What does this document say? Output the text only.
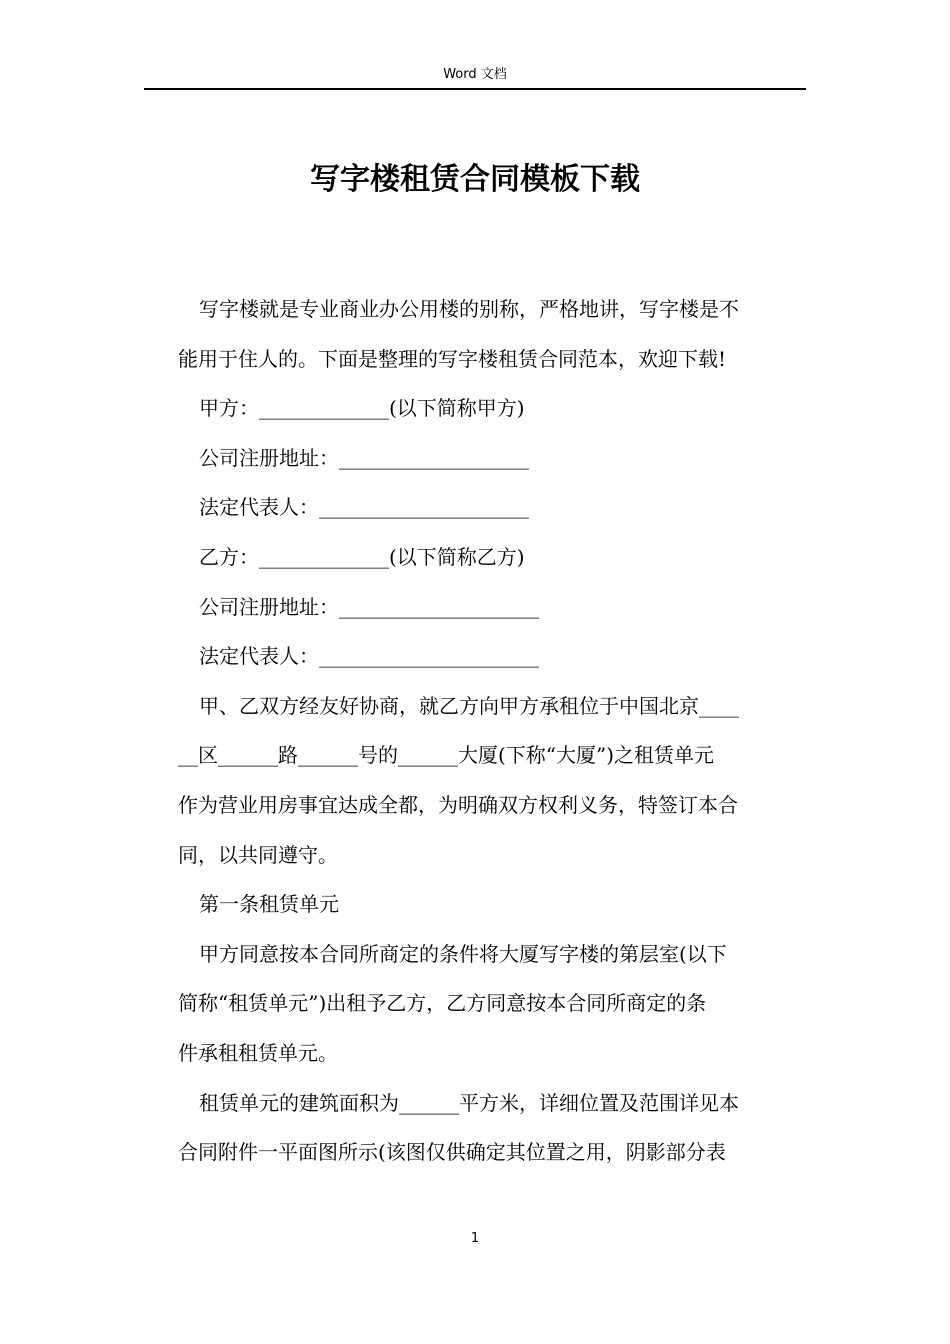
Word 文档
写字楼租赁合同模板下载
写字楼就是专业商业办公用楼的别称，严格地讲，写字楼是不
能用于住人的。下面是整理的写字楼租赁合同范本，欢迎下载!
甲方：_____________(以下简称甲方)
公司注册地址：___________________
法定代表人：_____________________
乙方：_____________(以下简称乙方)
公司注册地址：____________________
法定代表人：______________________
甲、乙双方经友好协商，就乙方向甲方承租位于中国北京____
__区______路______号的______大厦(下称“大厦”)之租赁单元
作为营业用房事宜达成全都，为明确双方权利义务，特签订本合
同，以共同遵守。
第一条租赁单元
甲方同意按本合同所商定的条件将大厦写字楼的第层室(以下
简称“租赁单元”)出租予乙方，乙方同意按本合同所商定的条
件承租租赁单元。
租赁单元的建筑面积为______平方米，详细位置及范围详见本
合同附件一平面图所示(该图仅供确定其位置之用，阴影部分表
1
